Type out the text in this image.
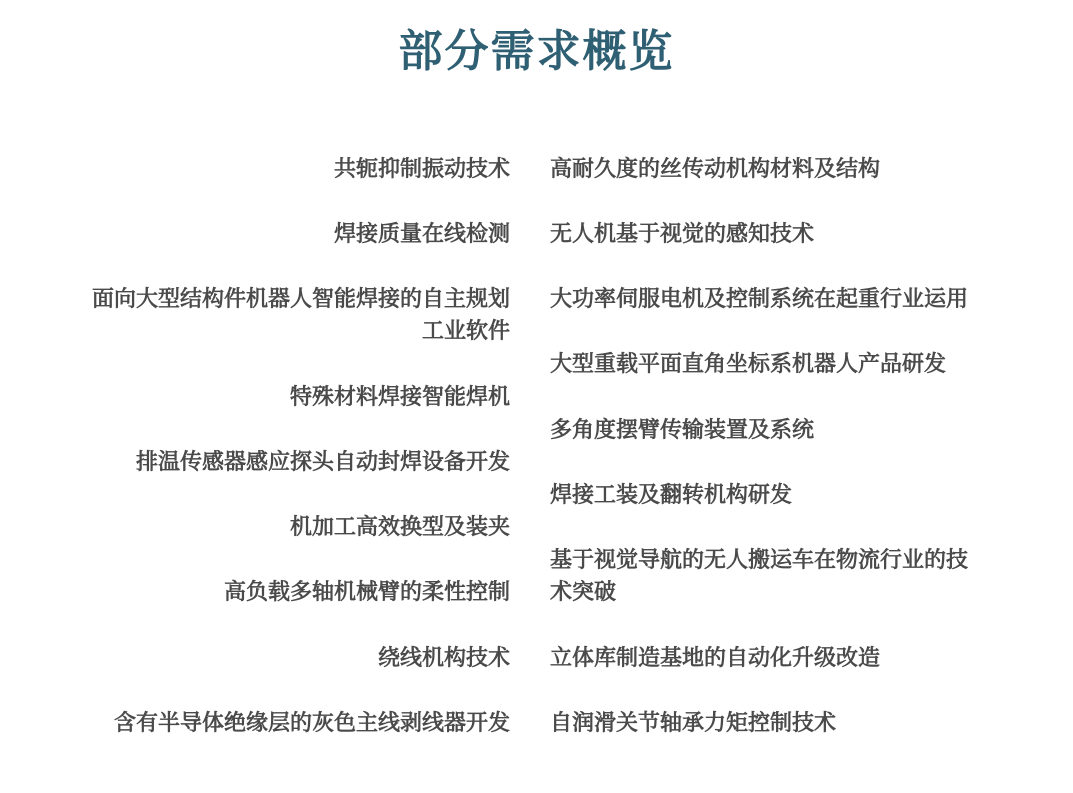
部分需求概览
共轭抑制振动技术
焊接质量在线检测
面向大型结构件机器人智能焊接的自主规划
工业软件
特殊材料焊接智能焊机
排温传感器感应探头自动封焊设备开发
机加工高效换型及装夹
高负载多轴机械臂的柔性控制
绕线机构技术
含有半导体绝缘层的灰色主线剥线器开发
高耐久度的丝传动机构材料及结构
无人机基于视觉的感知技术
大功率伺服电机及控制系统在起重行业运用
大型重载平面直角坐标系机器人产品研发
多角度摆臂传输装置及系统
焊接工装及翻转机构研发
基于视觉导航的无人搬运车在物流行业的技
术突破
立体库制造基地的自动化升级改造
自润滑关节轴承力矩控制技术
